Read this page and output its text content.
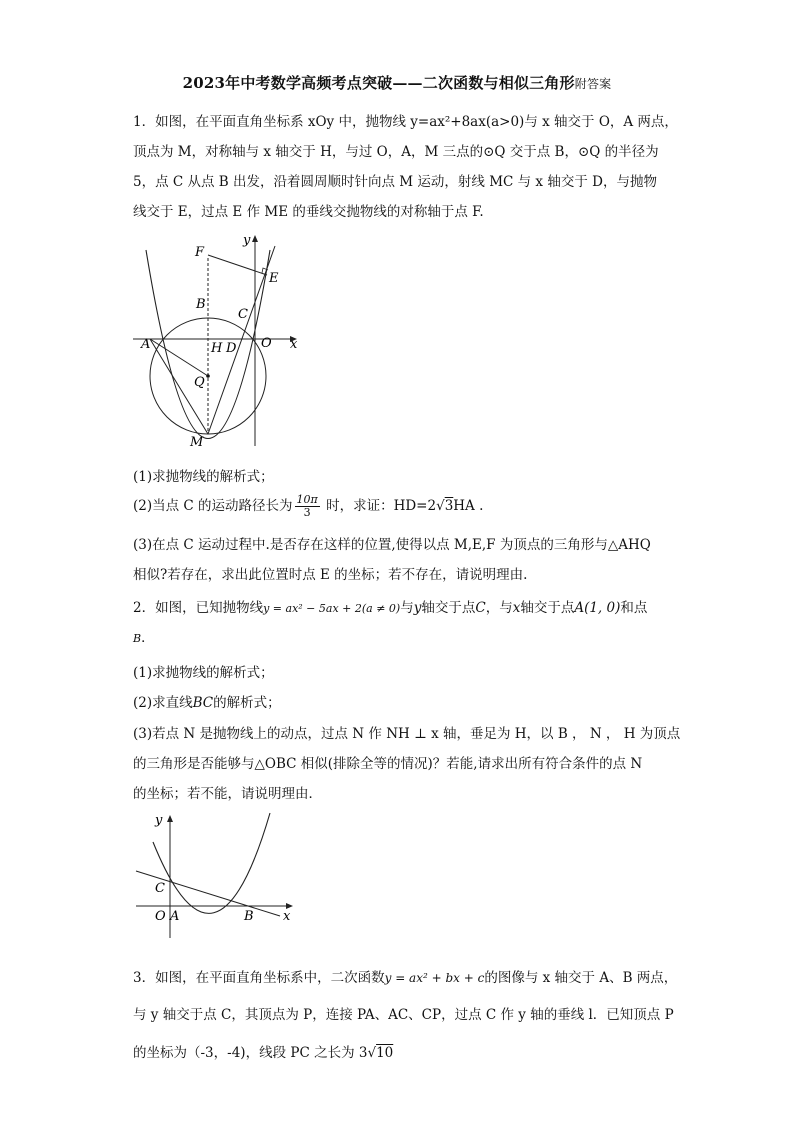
2023年中考数学高频考点突破——二次函数与相似三角形附答案
1．如图，在平面直角坐标系 xOy 中，抛物线 y=ax²+8ax(a>0)与 x 轴交于 O，A 两点，
顶点为 M，对称轴与 x 轴交于 H，与过 O，A，M 三点的⊙Q 交于点 B，⊙Q 的半径为
5，点 C 从点 B 出发，沿着圆周顺时针向点 M 运动，射线 MC 与 x 轴交于 D，与抛物
线交于 E，过点 E 作 ME 的垂线交抛物线的对称轴于点 F.
F
y
E
B
C
A	H D O x
Q
M
(1)求抛物线的解析式；
(2)当点 C 的运动路径长为 $\frac{10\pi}{3}$ 时，求证：HD=2√3HA .
(3)在点 C 运动过程中.是否存在这样的位置,使得以点 M,E,F 为顶点的三角形与△AHQ
相似?若存在，求出此位置时点 E 的坐标；若不存在，请说明理由.
2．如图，已知抛物线y = ax² − 5ax + 2(a ≠ 0)与y轴交于点C，与x轴交于点A(1, 0)和点
B．
(1)求抛物线的解析式；
(2)求直线BC的解析式；
(3)若点 N 是抛物线上的动点，过点 N 作 NH ⊥ x 轴，垂足为 H，以 B ， N ， H 为顶点
的三角形是否能够与△OBC 相似(排除全等的情况)？若能,请求出所有符合条件的点 N
的坐标；若不能，请说明理由．
y
C
O A	B x
3．如图，在平面直角坐标系中，二次函数y = ax² + bx + c的图像与 x 轴交于 A、B 两点，
与 y 轴交于点 C，其顶点为 P，连接 PA、AC、CP，过点 C 作 y 轴的垂线 l．已知顶点 P
的坐标为（-3，-4)，线段 PC 之长为 3√10
